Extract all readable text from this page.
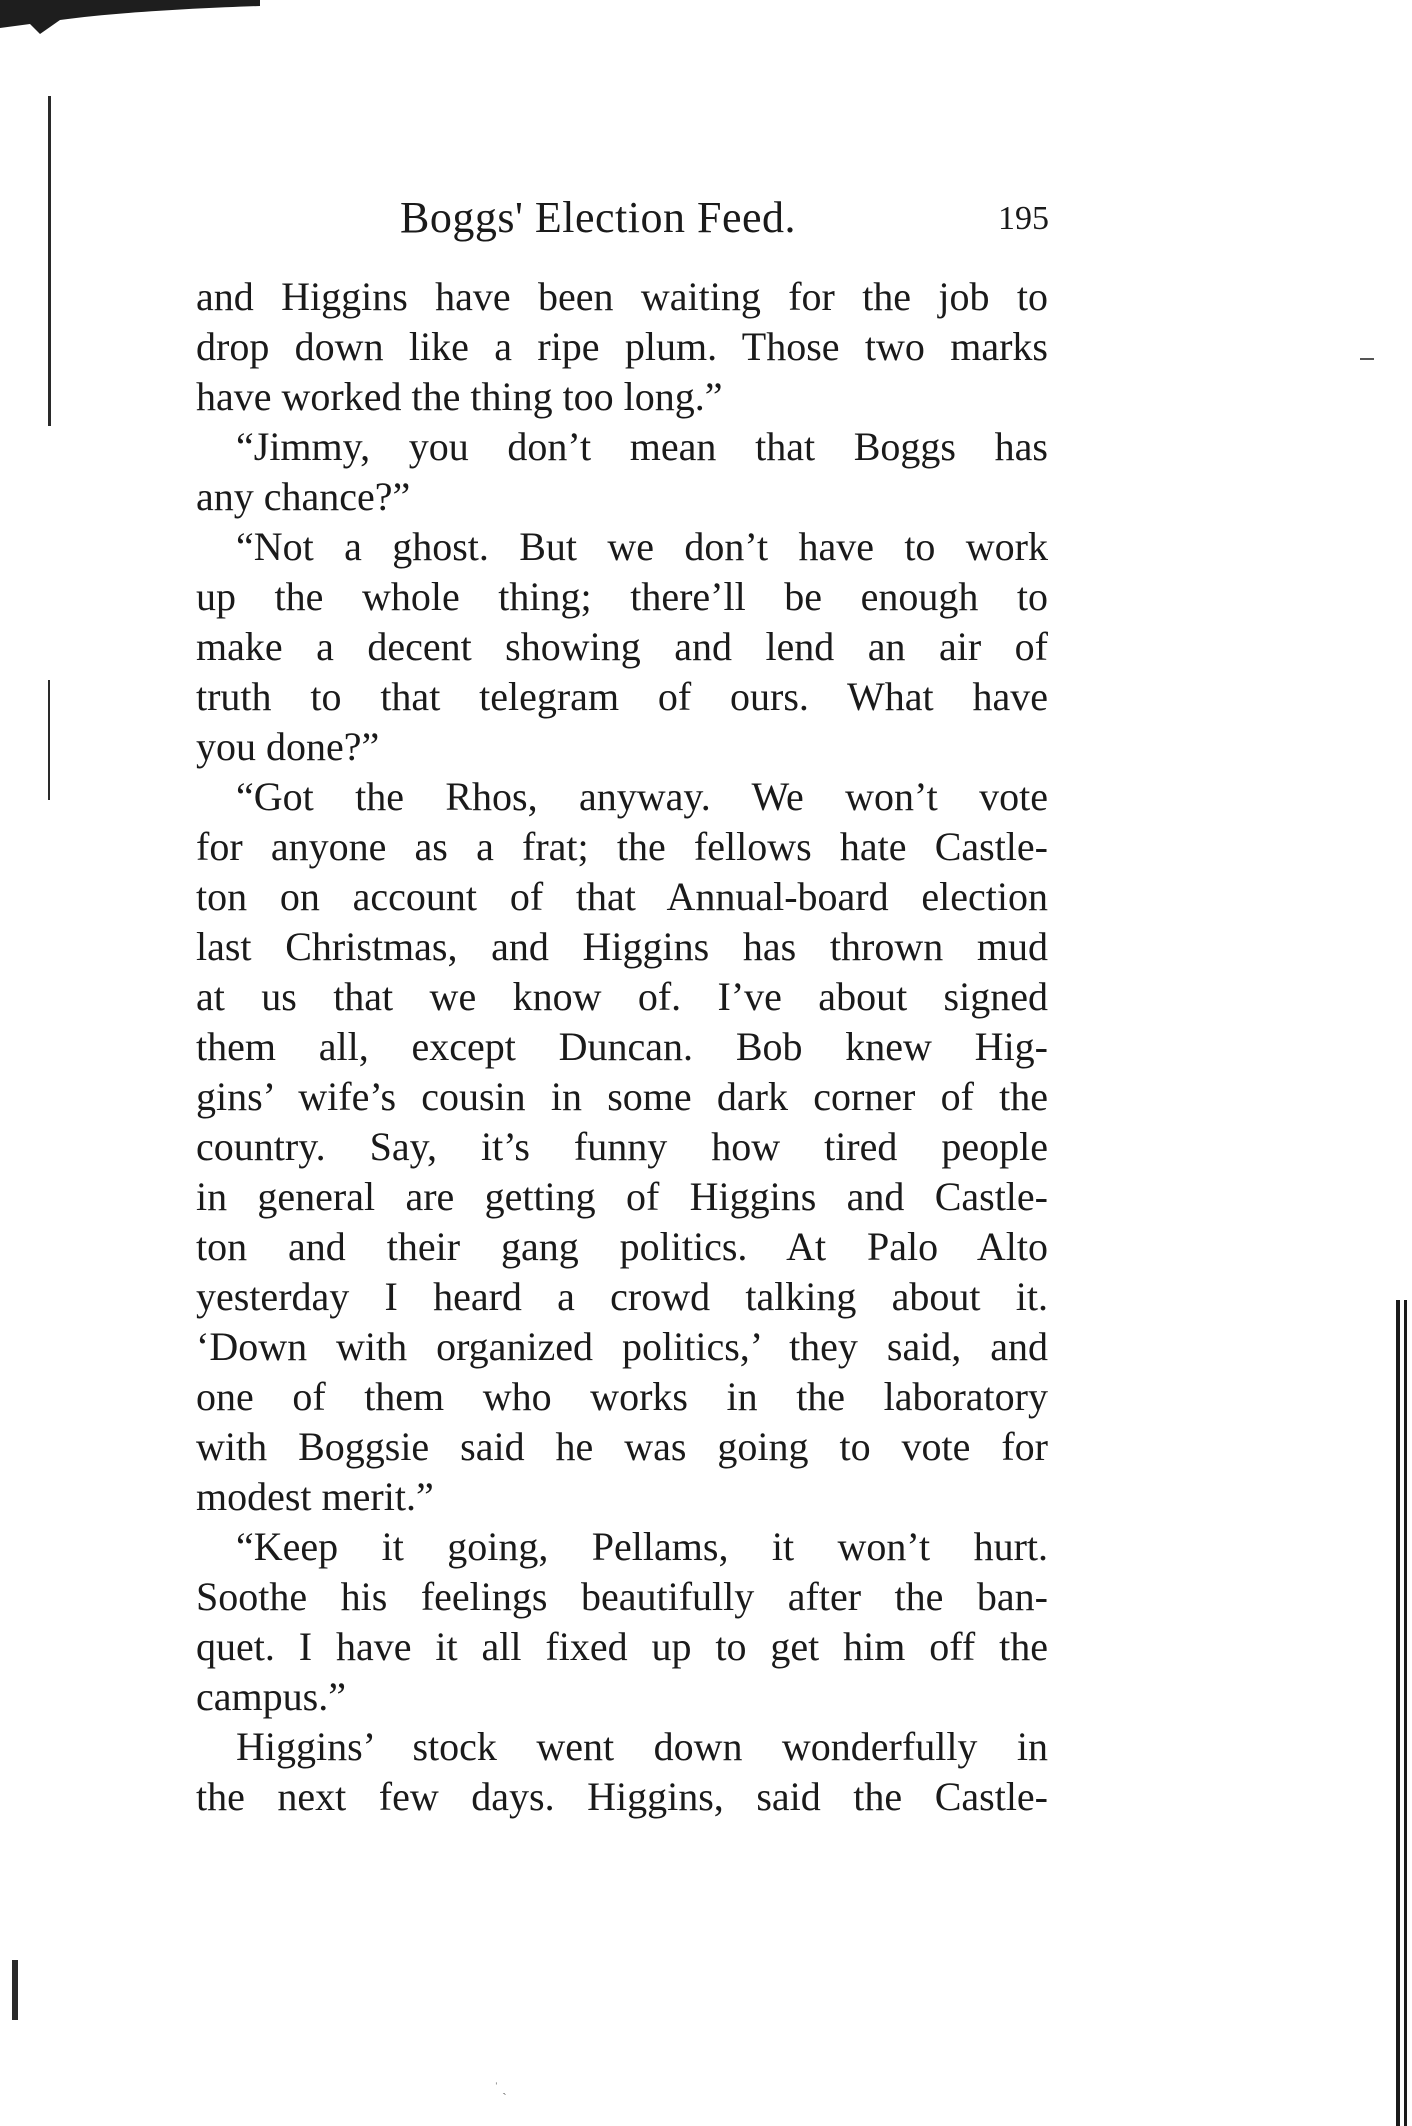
ˈ ˏ
Boggs' Election Feed.	195
and Higgins have been waiting for the job to
drop down like a ripe plum. Those two marks
have worked the thing too long.”
“Jimmy, you don’t mean that Boggs has
any chance?”
“Not a ghost. But we don’t have to work
up the whole thing; there’ll be enough to
make a decent showing and lend an air of
truth to that telegram of ours. What have
you done?”
“Got the Rhos, anyway. We won’t vote
for anyone as a frat; the fellows hate Castle-
ton on account of that Annual-board election
last Christmas, and Higgins has thrown mud
at us that we know of. I’ve about signed
them all, except Duncan. Bob knew Hig-
gins’ wife’s cousin in some dark corner of the
country. Say, it’s funny how tired people
in general are getting of Higgins and Castle-
ton and their gang politics. At Palo Alto
yesterday I heard a crowd talking about it.
‘Down with organized politics,’ they said, and
one of them who works in the laboratory
with Boggsie said he was going to vote for
modest merit.”
“Keep it going, Pellams, it won’t hurt.
Soothe his feelings beautifully after the ban-
quet. I have it all fixed up to get him off the
campus.”
Higgins’ stock went down wonderfully in
the next few days. Higgins, said the Castle-
